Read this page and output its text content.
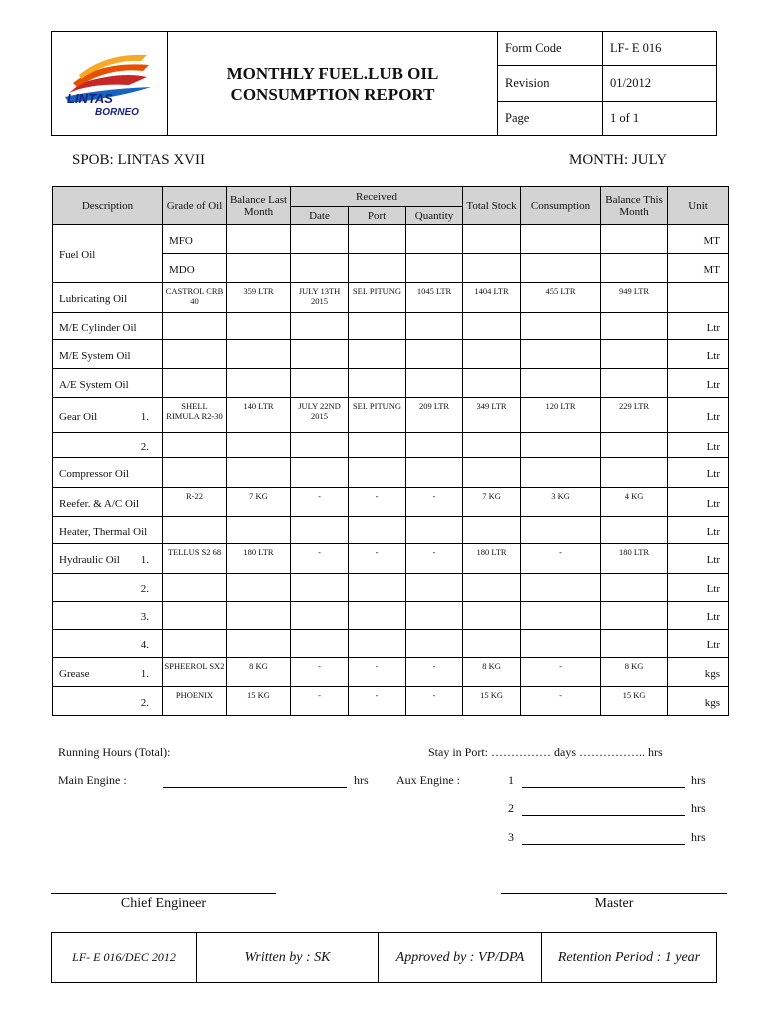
LINTAS
BORNEO
MONTHLY FUEL.LUB OIL
CONSUMPTION REPORT
Form Code	LF- E 016
Revision	01/2012
Page	1 of 1
SPOB: LINTAS XVII	MONTH: JULY
Description	Grade of Oil	Balance Last Month	Received			Total Stock	Consumption	Balance This Month	Unit
			Date	Port	Quantity				
Fuel Oil	MFO								MT
	MDO								MT
Lubricating Oil	CASTROL CRB 40	359 LTR	JULY 13TH 2015	SEI. PITUNG	1045 LTR	1404 LTR	455 LTR	949 LTR	
M/E Cylinder Oil									Ltr
M/E System Oil									Ltr
A/E System Oil									Ltr

Gear Oil 1.	SHELL RIMULA R2-30	140 LTR	JULY 22ND 2015	SEI. PITUNG	209 LTR	349 LTR	120 LTR	229 LTR	Ltr

2.									Ltr
Compressor Oil									Ltr
Reefer. & A/C Oil	R-22	7 KG	-	-	-	7 KG	3 KG	4 KG	Ltr
Heater, Thermal Oil									Ltr

Hydraulic Oil 1.	TELLUS S2 68	180 LTR	-	-	-	180 LTR	-	180 LTR	Ltr

2.									Ltr

3.									Ltr

4.									Ltr

Grease 1.	SPHEEROL SX2	8 KG	-	-	-	8 KG	-	8 KG	kgs

2.	PHOENIX	15 KG	-	-	-	15 KG	-	15 KG	kgs
Running Hours (Total):	Stay in Port: …………… days …………….. hrs
Main Engine :	hrs Aux Engine :	1	hrs
2	hrs
3	hrs
Chief Engineer	Master
LF- E 016/DEC 2012	Written by : SK	Approved by : VP/DPA	Retention Period : 1 year
